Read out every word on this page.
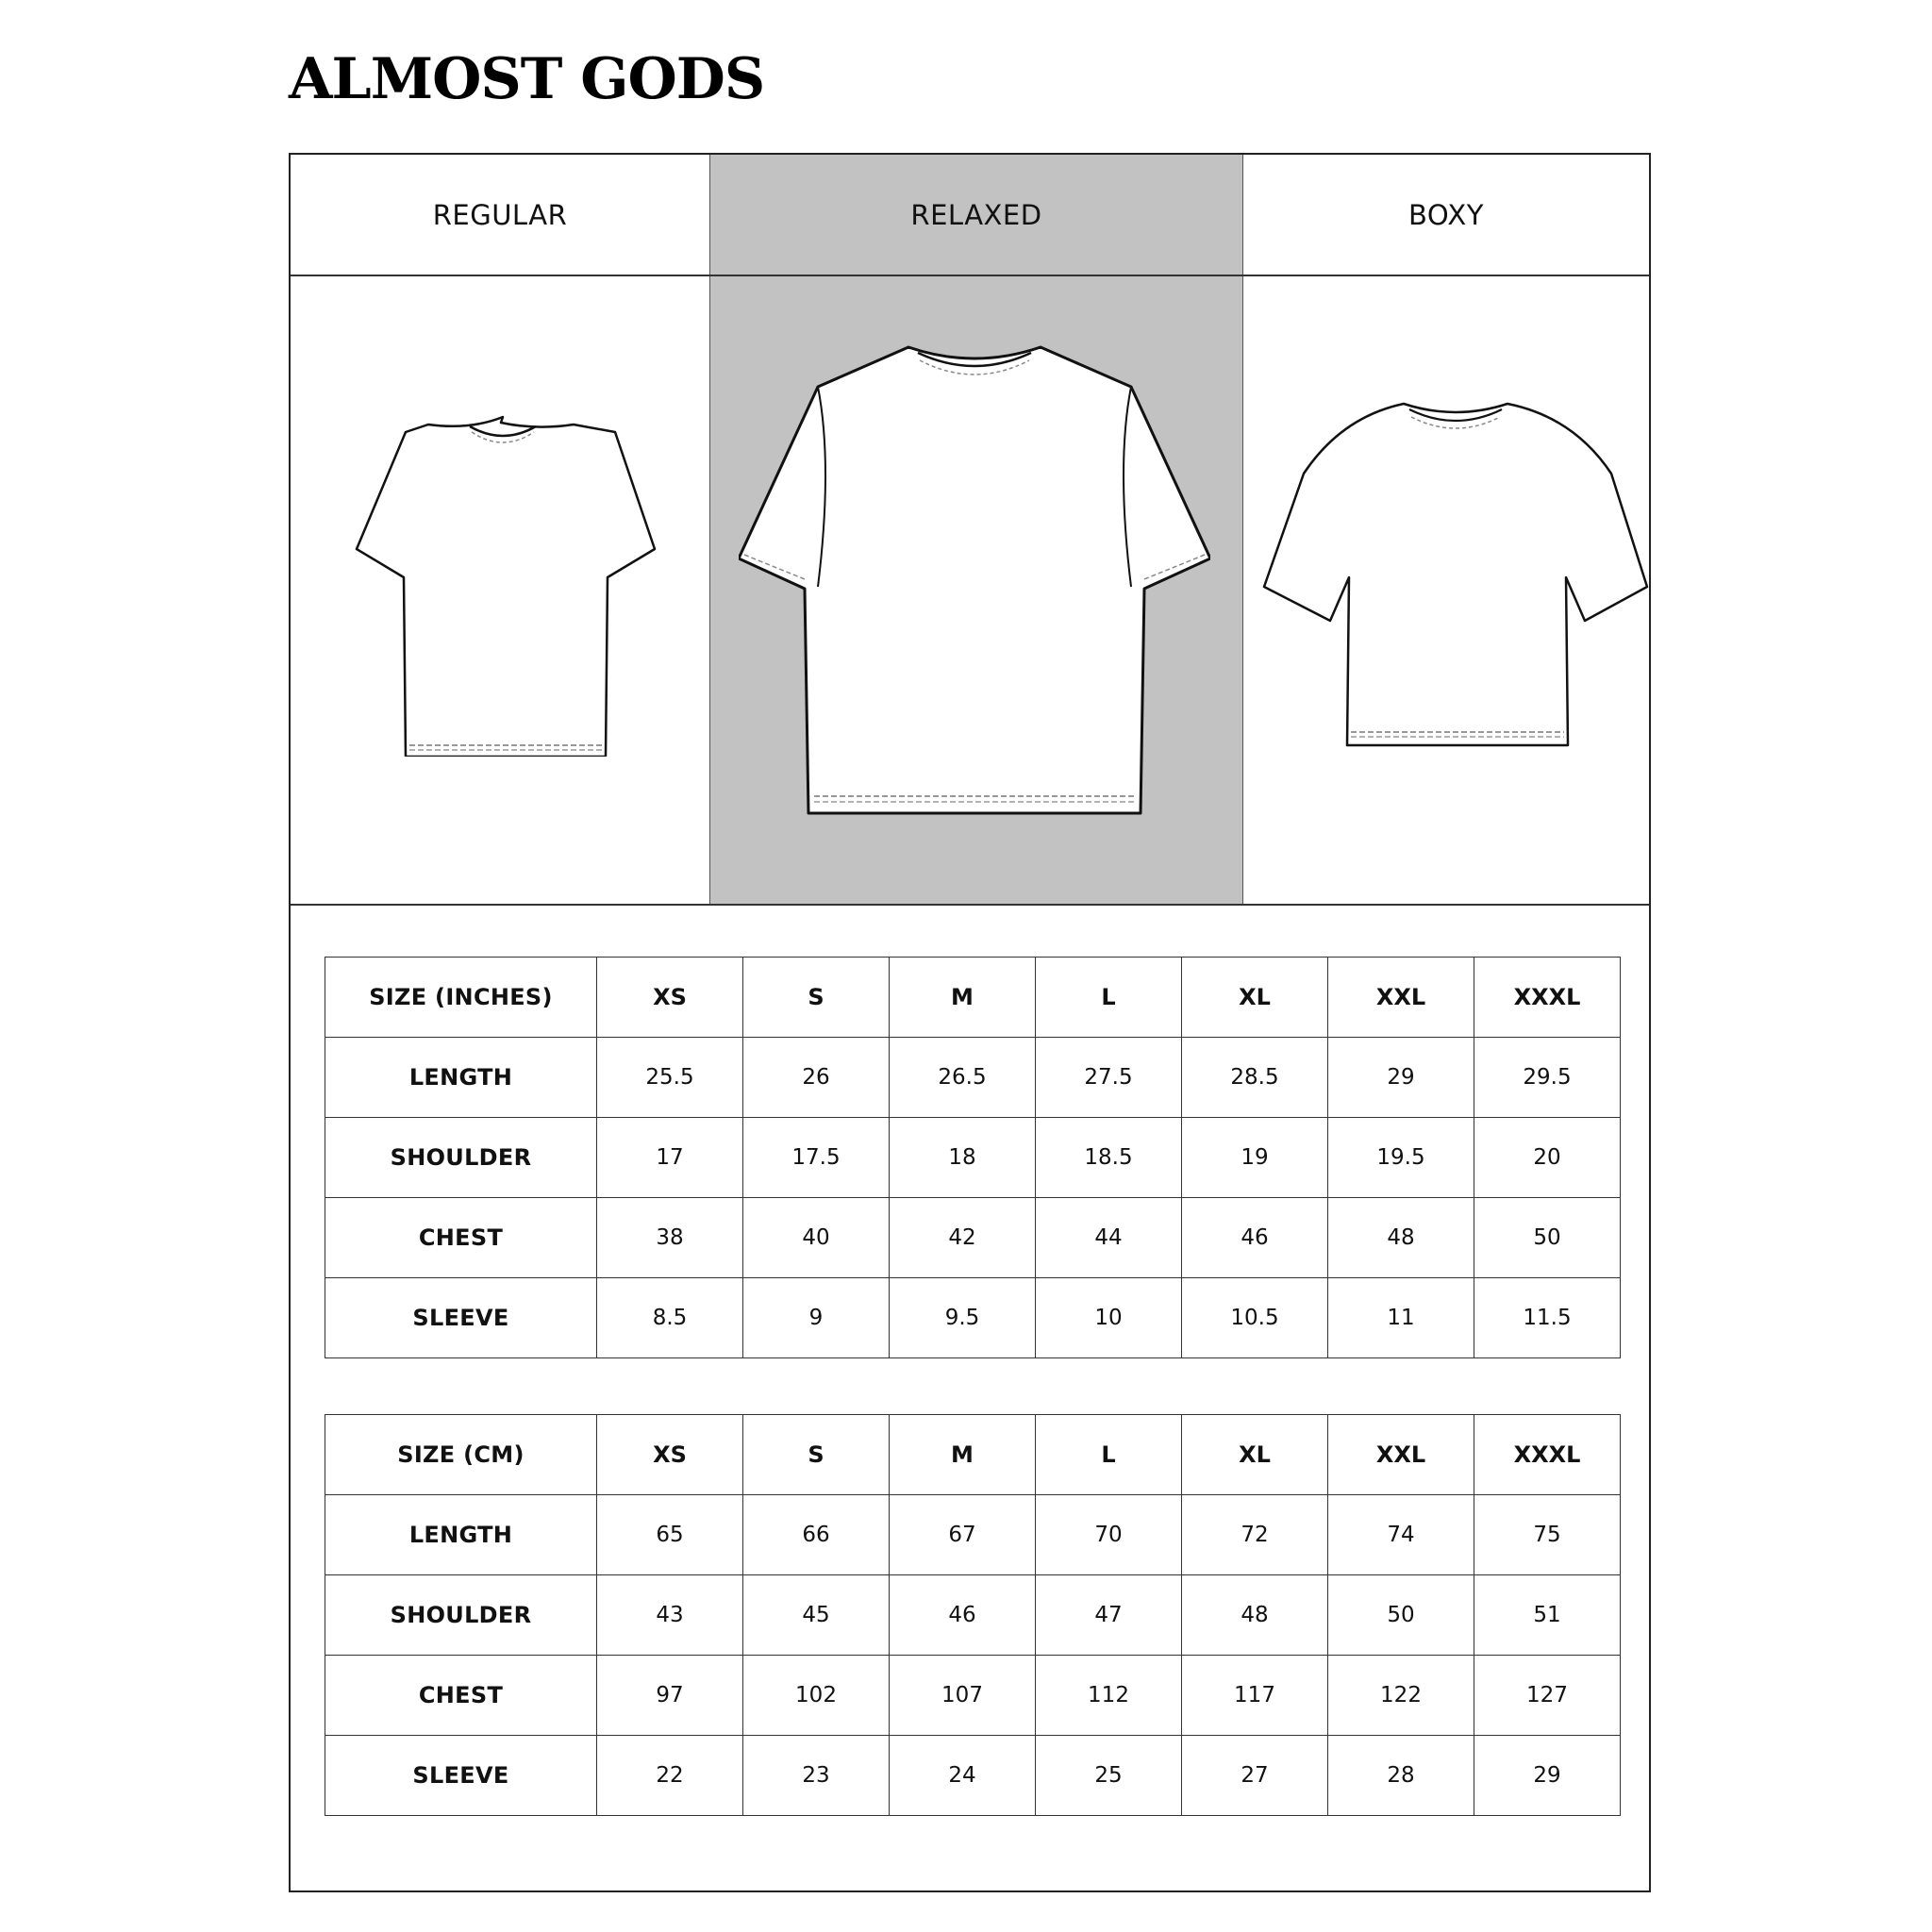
ALMOST GODS
REGULAR	RELAXED	BOXY
SIZE (INCHES)	XS	S	M	L	XL	XXL	XXXL
LENGTH	25.5	26	26.5	27.5	28.5	29	29.5
SHOULDER	17	17.5	18	18.5	19	19.5	20
CHEST	38	40	42	44	46	48	50
SLEEVE	8.5	9	9.5	10	10.5	11	11.5
SIZE (CM)	XS	S	M	L	XL	XXL	XXXL
LENGTH	65	66	67	70	72	74	75
SHOULDER	43	45	46	47	48	50	51
CHEST	97	102	107	112	117	122	127
SLEEVE	22	23	24	25	27	28	29
